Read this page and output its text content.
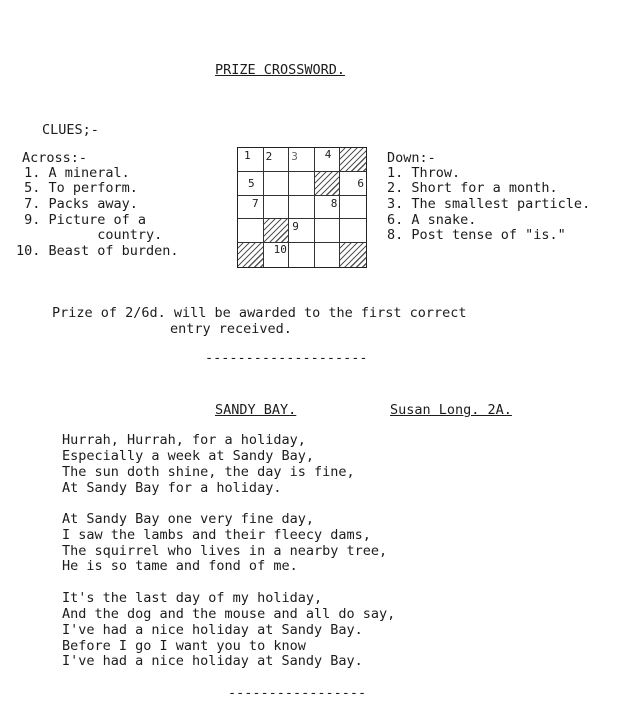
PRIZE CROSSWORD.
CLUES;-
Across:-
1. A mineral.
5. To perform.
7. Packs away.
9. Picture of a
country.
10. Beast of burden.
1 2 3 4
5	6
7	8
9
10
Down:-
1. Throw.
2. Short for a month.
3. The smallest particle.
6. A snake.
8. Post tense of "is."
Prize of 2/6d. will be awarded to the first correct
entry received.
--------------------
SANDY BAY.	Susan Long. 2A.
Hurrah, Hurrah, for a holiday,
Especially a week at Sandy Bay,
The sun doth shine, the day is fine,
At Sandy Bay for a holiday.
At Sandy Bay one very fine day,
I saw the lambs and their fleecy dams,
The squirrel who lives in a nearby tree,
He is so tame and fond of me.
It's the last day of my holiday,
And the dog and the mouse and all do say,
I've had a nice holiday at Sandy Bay.
Before I go I want you to know
I've had a nice holiday at Sandy Bay.
-----------------
